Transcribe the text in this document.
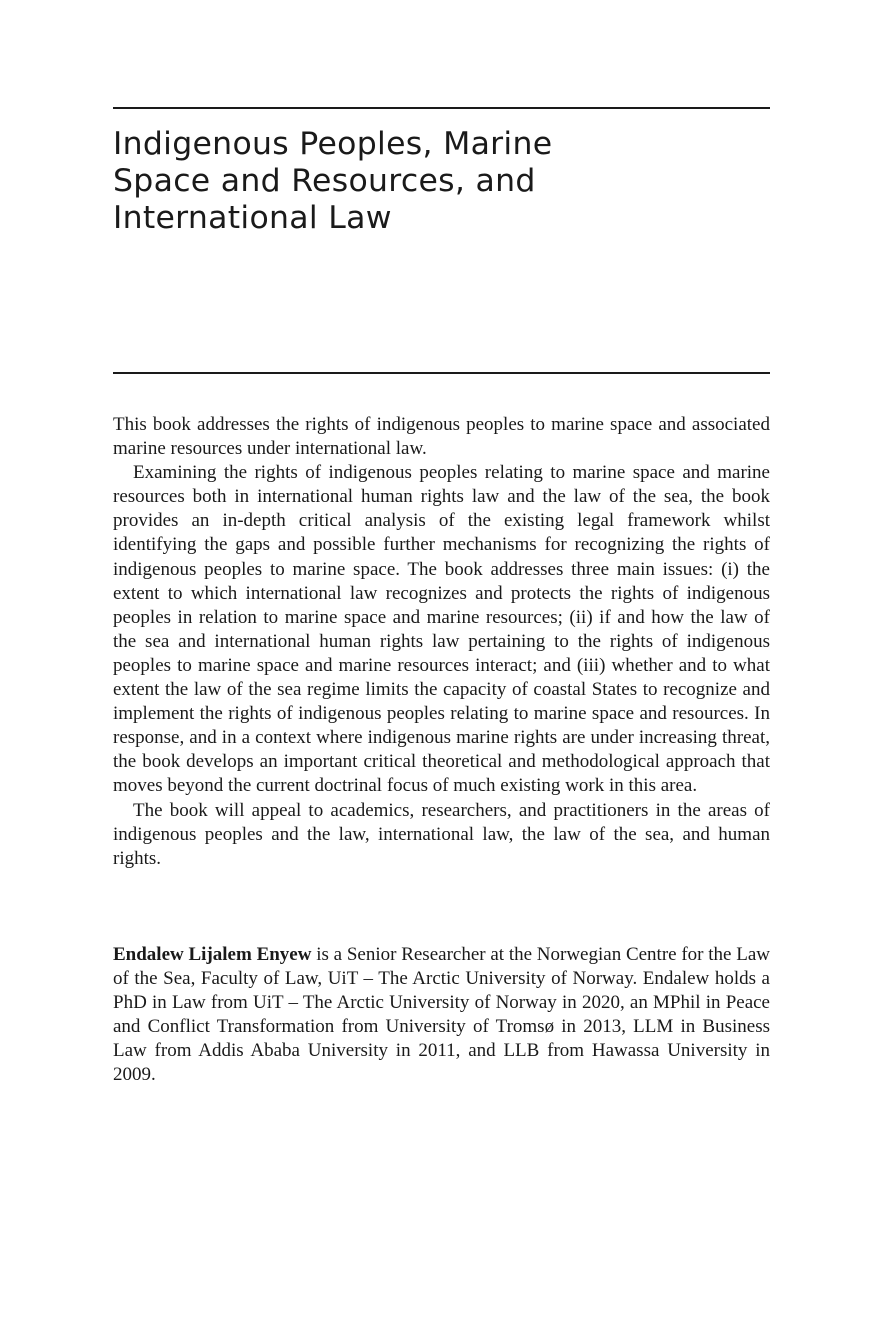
Indigenous Peoples, Marine
Space and Resources, and
International Law

This book addresses the rights of indigenous peoples to marine space and associated marine resources under international law.

Examining the rights of indigenous peoples relating to marine space and marine resources both in international human rights law and the law of the sea, the book provides an in-depth critical analysis of the existing legal framework whilst identifying the gaps and possible further mechanisms for recognizing the rights of indigenous peoples to marine space. The book addresses three main issues: (i) the extent to which international law recognizes and protects the rights of indigenous peoples in relation to marine space and marine resources; (ii) if and how the law of the sea and international human rights law pertaining to the rights of indigenous peoples to marine space and marine resources interact; and (iii) whether and to what extent the law of the sea regime limits the capacity of coastal States to recognize and implement the rights of indigenous peoples relating to marine space and resources. In response, and in a context where indigenous marine rights are under increasing threat, the book develops an important critical theoretical and methodological approach that moves beyond the current doctrinal focus of much existing work in this area.

The book will appeal to academics, researchers, and practitioners in the areas of indigenous peoples and the law, international law, the law of the sea, and human rights.

Endalew Lijalem Enyew is a Senior Researcher at the Norwegian Centre for the Law of the Sea, Faculty of Law, UiT – The Arctic University of Norway. Endalew holds a PhD in Law from UiT – The Arctic University of Norway in 2020, an MPhil in Peace and Conflict Transformation from University of Tromsø in 2013, LLM in Business Law from Addis Ababa University in 2011, and LLB from Hawassa University in 2009.
